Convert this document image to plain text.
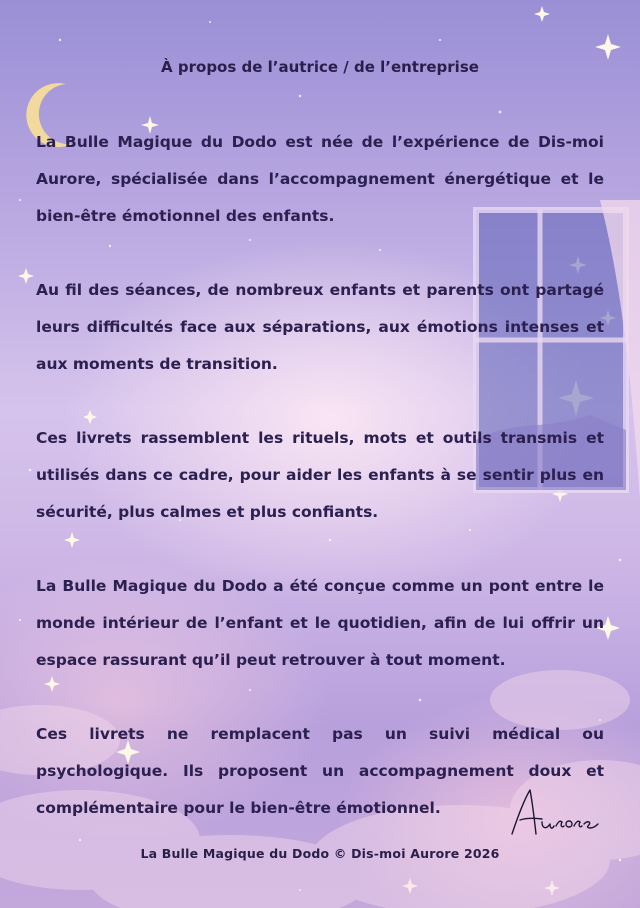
À propos de l’autrice / de l’entreprise

La Bulle Magique du Dodo est née de l’expérience de Dis-moi Aurore, spécialisée dans l’accompagnement énergétique et le bien-être émotionnel des enfants.

Au fil des séances, de nombreux enfants et parents ont partagé leurs difficultés face aux séparations, aux émotions intenses et aux moments de transition.

Ces livrets rassemblent les rituels, mots et outils transmis et utilisés dans ce cadre, pour aider les enfants à se sentir plus en sécurité, plus calmes et plus confiants.

La Bulle Magique du Dodo a été conçue comme un pont entre le monde intérieur de l’enfant et le quotidien, afin de lui offrir un espace rassurant qu’il peut retrouver à tout moment.

Ces livrets ne remplacent pas un suivi médical ou psychologique. Ils proposent un accompagnement doux et complémentaire pour le bien-être émotionnel.

La Bulle Magique du Dodo © Dis-moi Aurore 2026
